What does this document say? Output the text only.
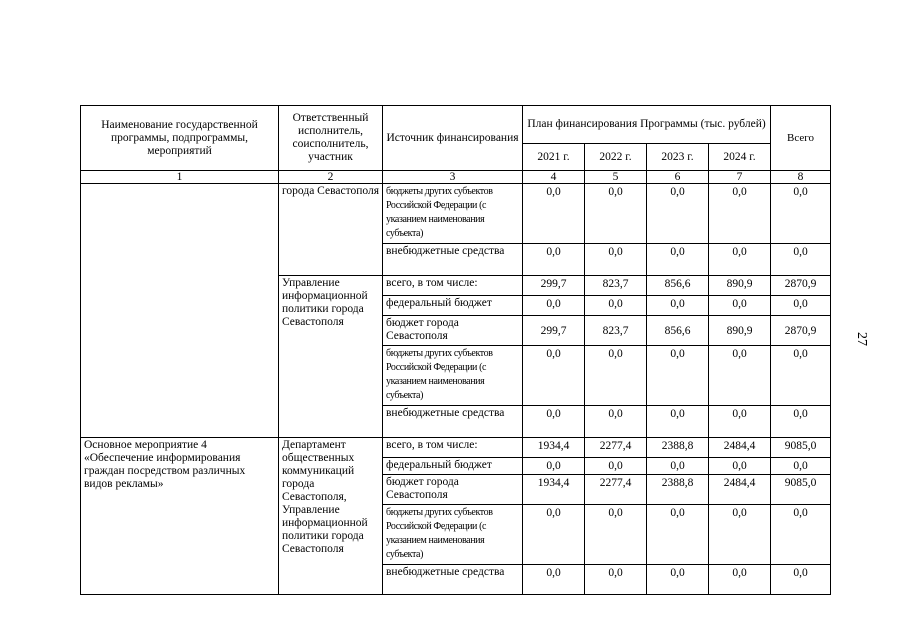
Наименование государственной программы, подпрограммы, мероприятий	Ответственный исполнитель, соисполнитель, участник	Источник финансирования	План финансирования Программы (тыс. рублей)				Всего
			2021 г.	2022 г.	2023 г.	2024 г.	
1	2	3	4	5	6	7	8
	города Севастополя	бюджеты других субъектов Российской Федерации (с указанием наименования субъекта)	0,0	0,0	0,0	0,0	0,0
		внебюджетные средства	0,0	0,0	0,0	0,0	0,0
	Управление информационной политики города Севастополя	всего, в том числе:	299,7	823,7	856,6	890,9	2870,9
		федеральный бюджет	0,0	0,0	0,0	0,0	0,0
		бюджет города Севастополя	299,7	823,7	856,6	890,9	2870,9
		бюджеты других субъектов Российской Федерации (с указанием наименования субъекта)	0,0	0,0	0,0	0,0	0,0
		внебюджетные средства	0,0	0,0	0,0	0,0	0,0
Основное мероприятие 4 «Обеспечение информирования граждан посредством различных видов рекламы»	Департамент общественных коммуникаций города Севастополя, Управление информационной политики города Севастополя	всего, в том числе:	1934,4	2277,4	2388,8	2484,4	9085,0
		федеральный бюджет	0,0	0,0	0,0	0,0	0,0
		бюджет города Севастополя	1934,4	2277,4	2388,8	2484,4	9085,0
		бюджеты других субъектов Российской Федерации (с указанием наименования субъекта)	0,0	0,0	0,0	0,0	0,0
		внебюджетные средства	0,0	0,0	0,0	0,0	0,0
27
